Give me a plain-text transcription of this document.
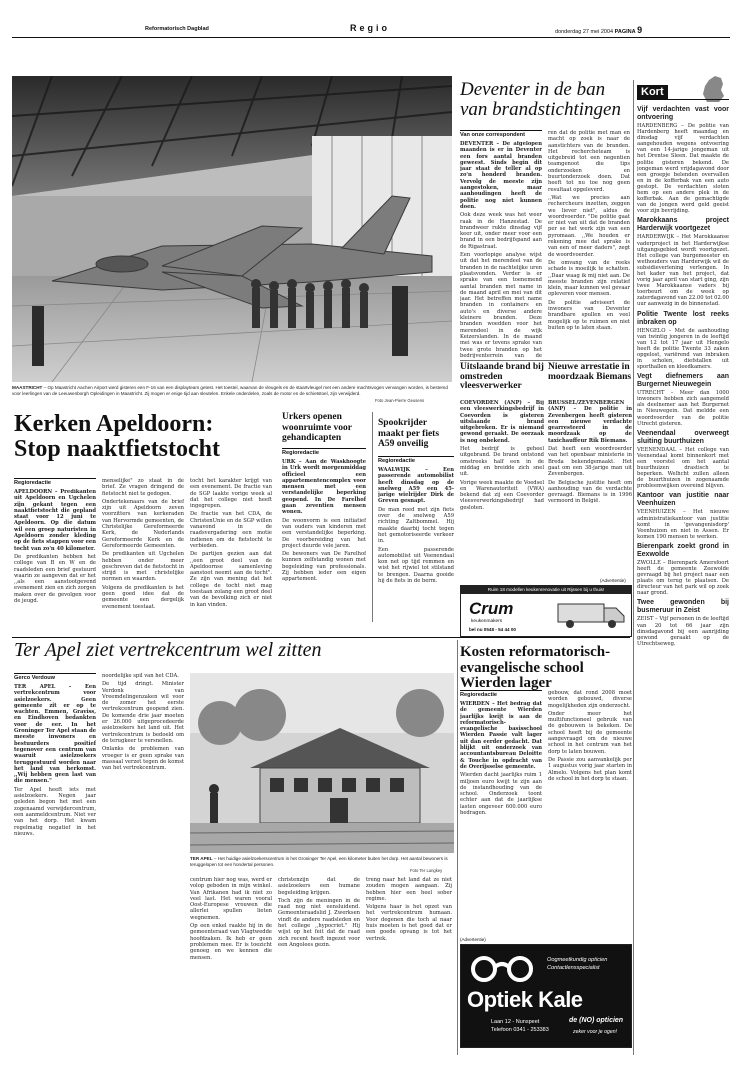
Reformatorisch Dagblad	Regio	donderdag 27 mei 2004 PAGINA 9
MAASTRICHT – Op Maastricht Aachen Airport werd gisteren een F-16 van een displayteam getest. Het toestel, waarvan de vleugels en de staartvleugel met een andere machtsvogen vervangen worden, is bestemd voor leerlingen van de Leeuwenborgh Opleidingen in Maastricht. Zij mogen er enige tijd aan sleutelen. Enkele onderdelen, zoals de motor en de schietstoel, zijn verwijderd.
Foto Jean-Pierre Geusens
Deventer in de ban van brandstichtingen
Van onze correspondent

DEVENTER – De afgelopen maanden is er in Deventer een fors aantal branden geweest. Sinds begin dit jaar staat de teller al op zo'n honderd branden. Vervolg de meeste zijn aangestoken, maar aanhoudingen heeft de politie nog niet kunnen doen.

Ook deze week was het weer raak in de Hanzestad. De brandweer rukte dinsdag vijf keer uit, onder meer voor een brand in een bedrijfspand aan de Rigastraat.

Een voorlopige analyse wijst uit dat het merendeel van de branden in de nachtelijke uren plaatsvonden. Verder is er sprake van een toenemend aantal branden met name in de maand april en mei van dit jaar. Het betreffen met name branden in containers en auto's en diverse andere kleinere branden. Deze branden woedden voor het merendeel in de wijk Keizerslanden. In de maand mei was er tevens sprake van twee grote branden op het bedrijventerrein van de

ren dat de politie met man en macht op zoek is naar de aanstichters van de branden. Het rechercheteam is uitgebreid tot een negentien teamgenoot die tips onderzoeken en buurtonderzoek doen. Dat heeft tot nu toe nog geen resultaat opgeleverd.

,,Wat we precies aan rechercheurs inzetten, zeggen we liever niet", aldus de woordvoerder. "De politie gaat er niet van uit dat de branden per se het werk zijn van een pyromaan. ,,We houden er rekening mee dat sprake is van een of meer daders", zegt de woordvoerder.

De omvang van de reeks schade is moeilijk te schatten. ,,Daar waag ik mij niet aan. De meeste branden zijn relatief klein, maar kunnen wel gevaar opleveren voor mensen.

De politie adviseert de inwoners van Deventer brandbare spullen en veel mogelijk op te ruimen en niet buiten op te laten staan.

Uitslaande brand bij omstreden vleesverwerker

COEVORDEN (ANP) – Bij een vleeswerkingsbedrijf in Coevorden is gisteren uitslaande brand uitgebroken. Er is niemand gewond geraakt. De oorzaak is nog onbekend.

Het bedrijf is geheel uitgebrand. De brand ontstond omstreeks half een in de middag en breidde zich snel uit.

Vorige week maakte de Voedsel en Warenautoriteit (VWA) bekend dat zij een Coevorder vleesverwerkingsbedrijf had gesloten.

Nieuwe arrestatie in moordzaak Biemans

BRUSSEL/ZEVENBERGEN (ANP) – De politie in Zevenbergen heeft gisteren een nieuwe verdachte gearresteerd in de moordzaak op de taxichauffeur Rik Biemans.

Dat heeft een woordvoerder van het openbaar ministerie in Breda bekendgemaakt. Het gaat om een 38-jarige man uit Zevenbergen.

De Belgische justitie heeft om aanhouding van de verdachte gevraagd. Biemans is in 1996 vermoord in België.

(Advertentie)
Ruim 18 modellen keukenrenovatie uit Rijssen bij u thuis!
Crum
keukenmakers
bel nu 0548 - 54 44 00
Kort
Vijf verdachten vast voor ontvoering

HARDENBERG – De politie van Hardenberg heeft maandag en dinsdag vijf verdachten aangehouden wegens ontvoering van een 14-jarige jongeman uit het Drentse Sleen. Dat maakte de politie gisteren bekend. De jongeman werd vrijdagavond door een groepje belenden overvallen en in de kofferbak van een auto gestopt. De verdachten sloten hem op een andere plek in de kofferbak. Aan de gemachtigde van de jongen werd geld geeist voor zijn bevrijding.

Marokkaans project Harderwijk voortgezet

HARDERWIJK – Het Marokkaanse vaderproject in het Harderwijkse uitgangsgebied wordt voortgezet. Het college van burgemeester en wethouders van Harderwijk wil de subsidieverlening verlengen. In het kader van het project, dat vorig jaar april van start ging, zijn twee Marokkaanse vaders bij toerbeurt om de week op zaterdagavond van 22.00 tot 02.00 uur aanwezig in de binnenstad.

Politie Twente lost reeks inbraken op

HENGELO – Met de aanhouding van twintig jongeren in de leeftijd van 12 tot 17 jaar uit Hengelo heeft de politie Twente 33 zaken opgelost, variërend van inbraken in scholen, diefstallen uit sporthallen en kleedkamers.

Vegt diefnemers aan Burgernet Nieuwegein

UTRECHT – Meer dan 1000 inwoners hebben zich aangemeld als deelnemer aan het Burgernet in Nieuwegein. Dat meldde een woordvoerder van de politie Utrecht gisteren.

Veenendaal overweegt sluiting buurthuizen

VEENENDAAL – Het college van Veenendaal komt binnenkort met een voorstel om het aantal buurthuizen drastisch te beperken. Welhcht zullen alleen de buurthuizen in zogenaamde probleemwijken overeind blijven.

Kantoor van justitie naar Veenhuizen

VEENHUIZEN – Het nieuwe administratiekantoor van justitie komt in 'gevangenisdorp' Veenhuizen en niet in Assen. Er komen 190 mensen te werken.

Bierenpark zoekt grond in Eexwolde

ZWOLLE – Bierenpark Amersfoort heeft de gemeente Zeewolde gevraagd bij het project naar een plaats om terug te plaatsen. De directeur van het park wil op zoek naar grond.

Twee gewonden bij busmeruur in Zeist

ZEIST – Vijf personen in de leeftijd van 20 tot 66 jaar zijn dinsdagavond bij een aanrijding gewond geraakt op de Utrechtseweg.

Kerken Apeldoorn: Stop naaktfietstocht
Regioredactie

APELDOORN – Predikanten uit Apeldoorn en Ugchelen zijn gekant tegen een naaktfietstocht die gepland staat voor 12 juni te Apeldoorn. Op die datum wil een groep naturisten in Apeldoorn zonder kleding op de fiets stappen voor een tocht van zo'n 40 kilometer.

De predikanten hebben het college van B en W en de raadsleden een brief gestuurd waarin ze aangeven dat er het ,,als een aanstootgevend evenement zien en zich zorgen maken over de gevolgen voor de jeugd.

menselijke" zo staat in de brief. Ze vragen dringend de fietstocht niet te gedogen.

Ondertekenaars van de brief zijn uit Apeldoorn zeven voorzitters van kerkeraden van Hervormde gemeenten, de Christelijke Gereformeerde Kerk, de Nederlands Gereformeerde Kerk en de Gereformeerde Gemeenten.

De predikanten uit Ugchelen hebben onder meer geschreven dat de fietstocht in strijd is met christelijke normen en waarden.

Volgens de predikanten is het geen goed idee dat de gemeente een dergelijk evenement toestaat.

tocht het karakter krijgt van een evenement. De fractie van de SGP laakte vorige week al dat het college niet heeft ingegrepen.

De fractie van het CDA, de ChristenUnie en de SGP willen vanavond in de raadsvergadering een motie indienen om de fietstocht te verbieden.

De partijen gezien aan dat ,,een groot deel van de Apeldoornse samenleving aanstoot neemt aan de tocht". Ze zijn van mening dat het college de tocht niet mag toestaan zolang een groot deel van de bevolking zich er niet in kan vinden.

Urkers openen woonruimte voor gehandicapten
Regioredactie

URK – Aan de Waskhoogte in Urk wordt morgenmiddag officieel een appartementencomplex voor mensen met een verstandelijke beperking geopend. In De Farelhof gaan zeventien mensen wonen.

De woonvorm is een initiatief van ouders van kinderen met een verstandelijke beperking. De voorbereiding van het project duurde vele jaren.

De bewoners van De Farelhof kunnen zelfstandig wonen met begeleiding van professionals. Zij hebben ieder een eigen appartement.

Spookrijder maakt per fiets A59 onveilig
Regioredactie

WAALWIJK – Een passerende automobilist heeft dinsdag op de snelweg A59 een 45-jarige wielrijder Dirk de Greven gesnapt.

De man reed met zijn fiets over de snelweg A59 richting Zaltbommel. Hij maakte daarbij tocht tegen het gemotoriseerde verkeer in.

Een passerende automobilist uit Veenendaal kon net op tijd remmen en wist het rijwiel tot stilstand te brengen. Daarna gooide hij de fiets in de berm.

Ter Apel ziet vertrekcentrum wel zitten
Gerco Verdouw

TER APEL – Een vertrekcentrum voor asielzoekers. Geen gemeente zit er op te wachten. Emmen, Graviss, en Eindhoven bedankten voor de eer. In het Groninger Ter Apel staan de meeste inwoners en bestuurders positief tegenover een centrum van waaruit asielzoekers teruggestuurd worden naar het land van herkomst. ,,Wij hebben geen last van die mensen."

Ter Apel heeft iets met asielzoekers. Negen jaar geleden begon het met een zogenaamd verwijdercentrum, een aanmeldcentrum. Niet ver van het dorp. Het kwam regelmatig negatief in het nieuws.

noordelijke spil van het CDA.

De tijd dringt. Minister Verdonk van Vreemdelingenzaken wil voor de zomer het eerste vertrekcentrum geopend zien. De komende drie jaar moeten er 26.000 uitgeprocedeerde asielzoekers het land uit. Het vertrekcentrum is bedoeld om de terugkeer te versnellen.

Onlanks de problemen van vroeger is er geen sprake van massaal verzet tegen de komst van het vertrekcentrum.

TER APEL – Het huidige asielzoekerscentrum in het Groninger Ter Apel, een kilometer buiten het dorp. Het aantal bewoners is teruggelopen tot een hondertal personen.
Foto Ter Langkey

centrum hier nog was, werd er volop geboden in mijn winkel. Van Afrikanen had ik niet zo veel last. Het waren vooral Oost-Europese vrouwen die allerlei spullen lieten wegnemen.

Op een enkel raakte hij in de gemeenteraad van Vlagtwedde hoofdzaken. Ik heb er geen problemen mee. Er is toezicht genoeg en we kennen die mensen.

christenzijn dat de asielzoekers een humane begeleiding krijgen.

Toch zijn de meningen in de raad nog niet eensluidend. Gemeenteraadslid J. Zwerksen vindt de andere raadsleden en het college ,,hypocriet." Hij wijst op het feit dat de raad zich recent heeft ingezet voor een Angolees gezin.

treng naar het land dat ze niet zouden mogen aangaan. Zij hebben hier een heel sober regime.

Volgens haar is het opzet van het vertrekcentrum humaan. Voor degenen die toch al naar huis moeten is het goed dat er een goede opvang is tot het vertrek.

Kosten reformatorisch-evangelische school Wierden lager
Regioredactie

WIERDEN – Het bedrag dat de gemeente Wierden jaarlijks kwijt is aan de reformatorisch-evangelische basisschool Wierden Passie valt lager uit dan eerder gedacht. Dat blijkt uit onderzoek van accountantsbureau Deloitte & Touche in opdracht van de Overijsselse gemeente.

Wierden dacht jaarlijks ruim 1 miljoen euro kwijt te zijn aan de instandhouding van de school. Onderzoek toont echter aan dat de jaarlijkse lasten ongeveer 600.000 euro bedragen.

gebouw, dat rond 2008 moet worden gebouwd, diverse mogelijkheden zijn onderzocht.

Onder meer het multifunctioneel gebruik van de gebouwen is bekeken. De school heeft bij de gemeente aangevraagd om de nieuwe school in het centrum van het dorp te laten bouwen.

De Passie zou aanvankelijk per 1 augustus vorig jaar starten in Almelo. Volgens het plan komt de school in het dorp te staan.

(Advertentie)
Oogmeetkundig opticien
Contactlensspecialist
Optiek Kale
Laan 12 - Nunspeet
Telefoon 0341 - 253383
de (NO) opticien
zeker voor je ogen!
